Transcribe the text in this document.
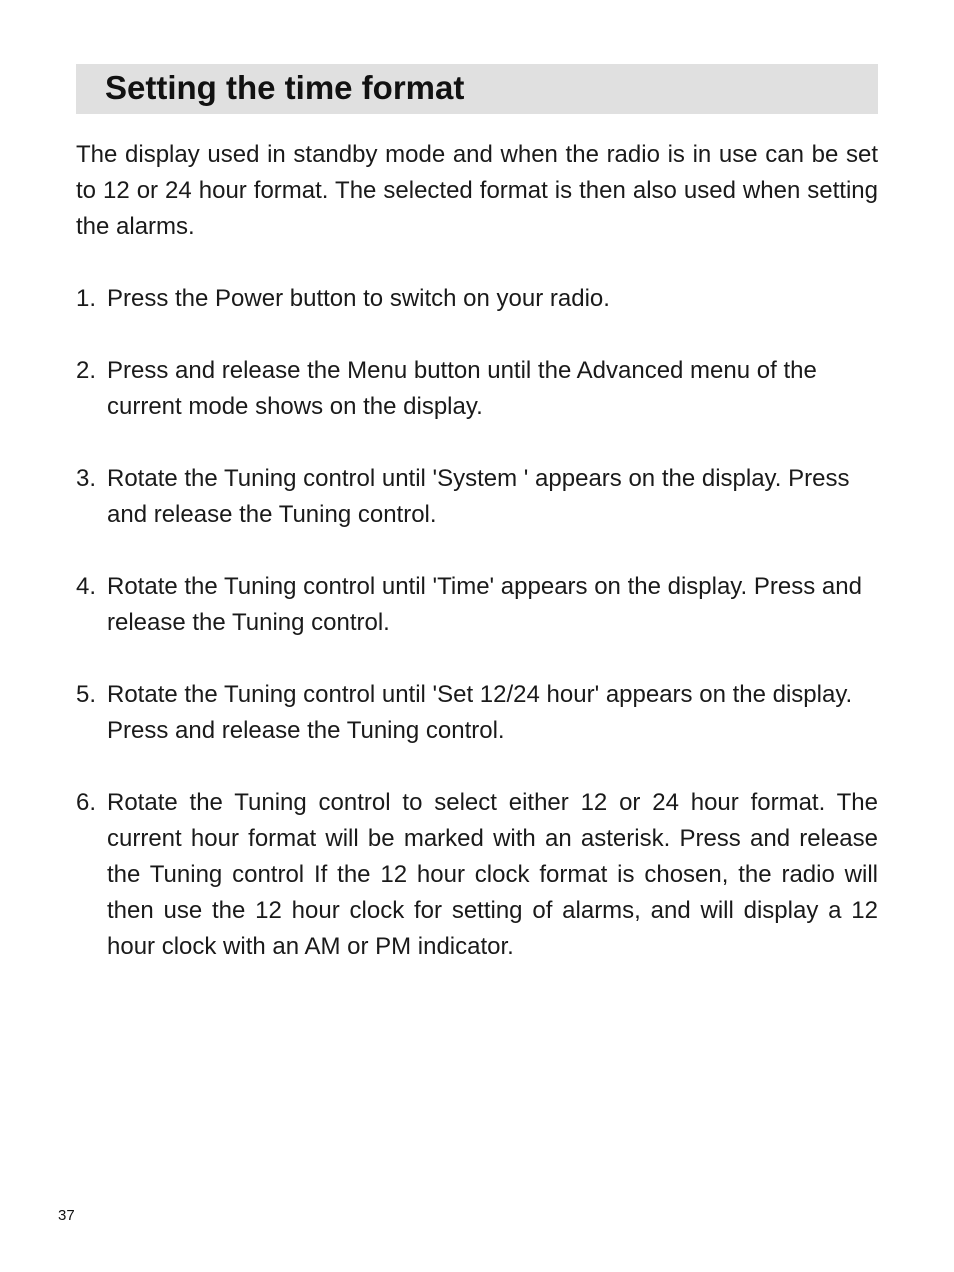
Setting the time format
The display used in standby mode and when the radio is in use can be set to 12 or 24 hour format. The selected format is then also used when setting the alarms.
1. Press the Power button to switch on your radio.
2. Press and release the Menu button until the Advanced menu of the current mode shows on the display.
3. Rotate the Tuning control until 'System ' appears on the display. Press and release the Tuning control.
4. Rotate the Tuning control until 'Time' appears on the display. Press and release the Tuning control.
5. Rotate the Tuning control until 'Set 12/24 hour' appears on the display. Press and release the Tuning control.
6. Rotate the Tuning control to select either 12 or 24 hour format. The current hour format will be marked with an asterisk. Press and release the Tuning control If the 12 hour clock format is chosen, the radio will then use the 12 hour clock for setting of alarms, and will display a 12 hour clock with an AM or PM indicator.
37
